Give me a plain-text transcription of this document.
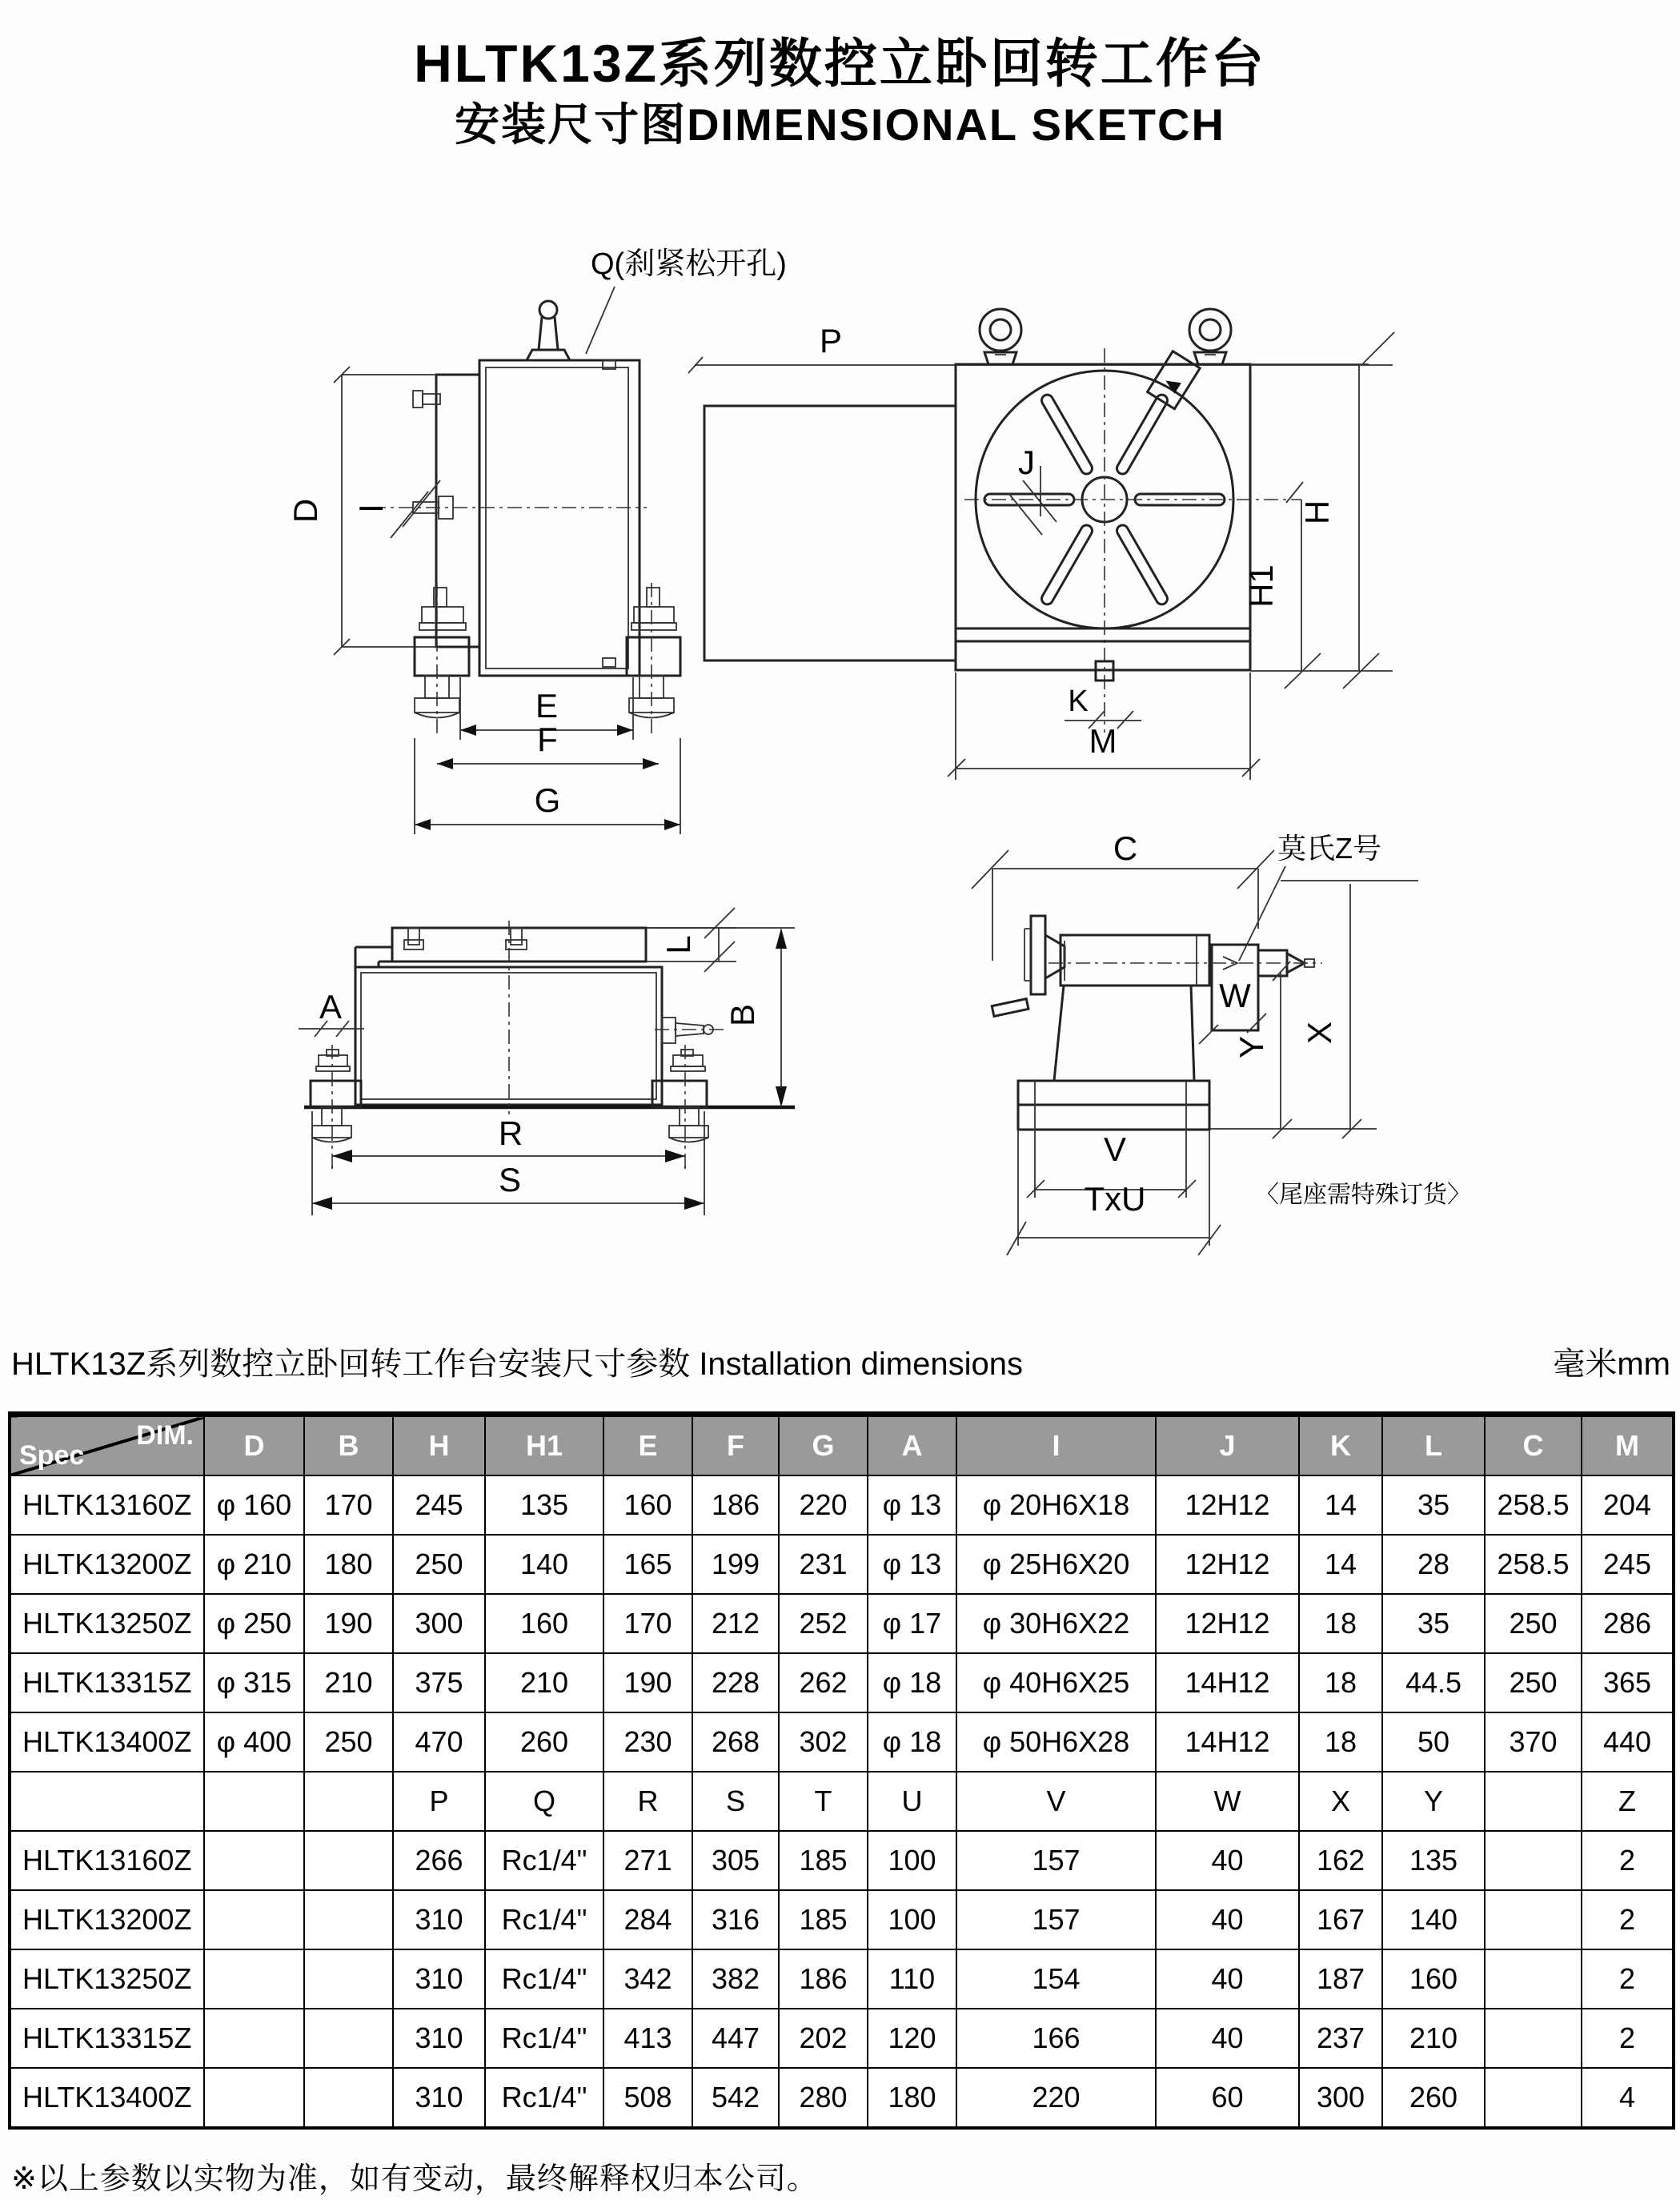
HLTK13Z系列数控立卧回转工作台
安装尺寸图DIMENSIONAL SKETCH
Q(刹紧松开孔)
D I
E
F
G
P
J
H
H1
K
M
A
L
B
R
S
C	莫氏Z号
W
Y
X
V
TxU	〈尾座需特殊订货〉
HLTK13Z系列数控立卧回转工作台安装尺寸参数 Installation dimensions	毫米mm
DIM.
Spec	D	B	H	H1	E	F	G	A	I	J	K	L	C	M
HLTK13160Z	φ 160	170	245	135	160	186	220	φ 13	φ 20H6X18	12H12	14	35	258.5	204
HLTK13200Z	φ 210	180	250	140	165	199	231	φ 13	φ 25H6X20	12H12	14	28	258.5	245
HLTK13250Z	φ 250	190	300	160	170	212	252	φ 17	φ 30H6X22	12H12	18	35	250	286
HLTK13315Z	φ 315	210	375	210	190	228	262	φ 18	φ 40H6X25	14H12	18	44.5	250	365
HLTK13400Z	φ 400	250	470	260	230	268	302	φ 18	φ 50H6X28	14H12	18	50	370	440
			P	Q	R	S	T	U	V	W	X	Y		Z
HLTK13160Z			266	Rc1/4"	271	305	185	100	157	40	162	135		2
HLTK13200Z			310	Rc1/4"	284	316	185	100	157	40	167	140		2
HLTK13250Z			310	Rc1/4"	342	382	186	110	154	40	187	160		2
HLTK13315Z			310	Rc1/4"	413	447	202	120	166	40	237	210		2
HLTK13400Z			310	Rc1/4"	508	542	280	180	220	60	300	260		4
※以上参数以实物为准，如有变动，最终解释权归本公司。
